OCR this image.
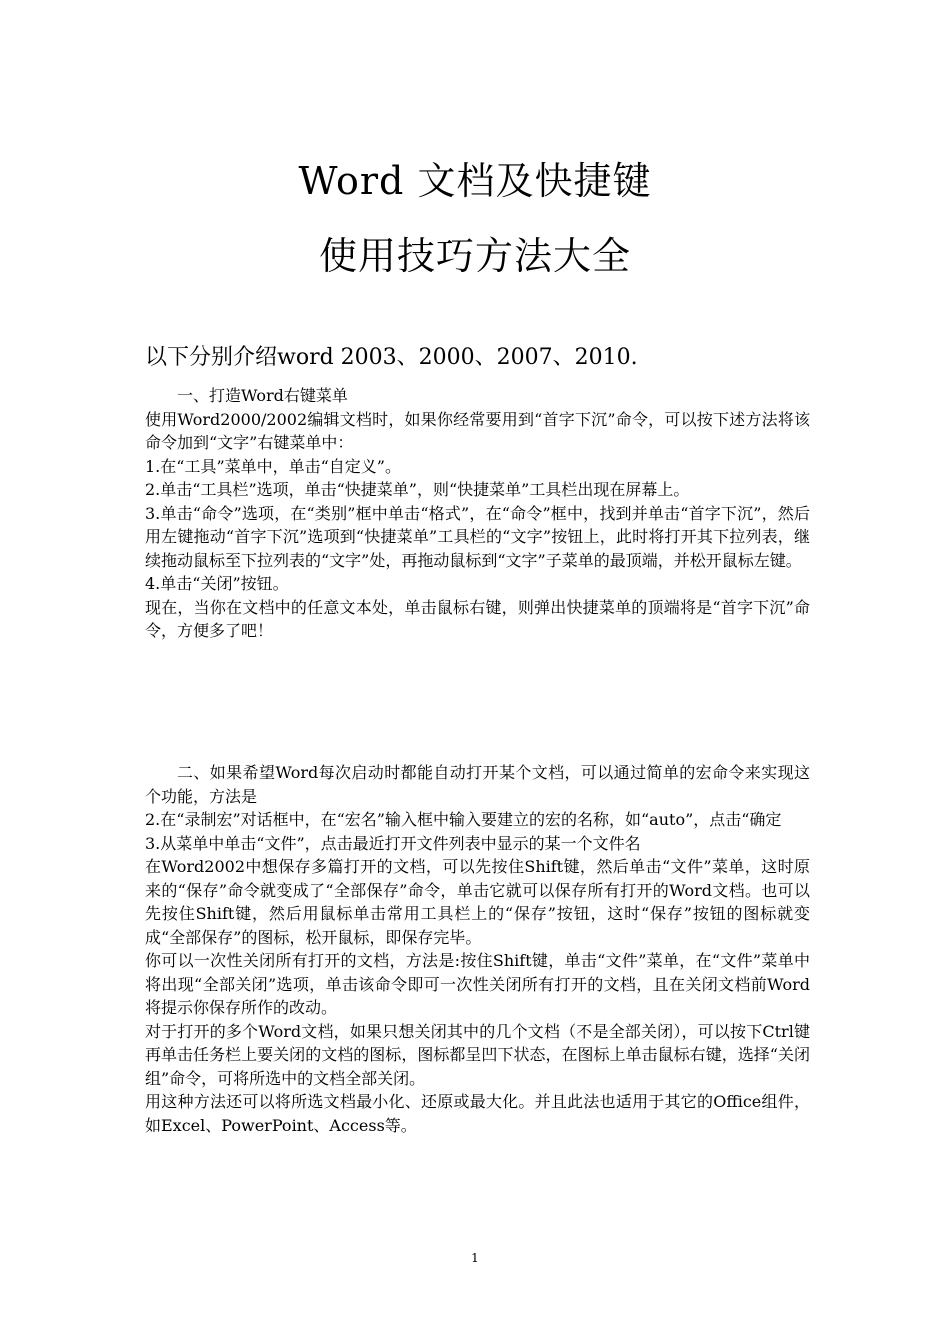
Word 文档及快捷键
使用技巧方法大全
以下分别介绍word 2003、2000、2007、2010.

一、打造Word右键菜单

使用Word2000/2002编辑文档时，如果你经常要用到“首字下沉”命令，可以按下述方法将该命令加到“文字”右键菜单中：

1.在“工具”菜单中，单击“自定义”。

2.单击“工具栏”选项，单击“快捷菜单”，则“快捷菜单”工具栏出现在屏幕上。

3.单击“命令”选项，在“类别”框中单击“格式”，在“命令”框中，找到并单击“首字下沉”，然后用左键拖动“首字下沉”选项到“快捷菜单”工具栏的“文字”按钮上，此时将打开其下拉列表，继续拖动鼠标至下拉列表的“文字”处，再拖动鼠标到“文字”子菜单的最顶端，并松开鼠标左键。

4.单击“关闭”按钮。

现在，当你在文档中的任意文本处，单击鼠标右键，则弹出快捷菜单的顶端将是“首字下沉”命令，方便多了吧！

二、如果希望Word每次启动时都能自动打开某个文档，可以通过简单的宏命令来实现这个功能，方法是

2.在“录制宏”对话框中，在“宏名”输入框中输入要建立的宏的名称，如“auto”，点击“确定

3.从菜单中单击“文件”，点击最近打开文件列表中显示的某一个文件名

在Word2002中想保存多篇打开的文档，可以先按住Shift键，然后单击“文件”菜单，这时原来的“保存”命令就变成了“全部保存”命令，单击它就可以保存所有打开的Word文档。也可以先按住Shift键，然后用鼠标单击常用工具栏上的“保存”按钮，这时“保存”按钮的图标就变成“全部保存”的图标，松开鼠标，即保存完毕。

你可以一次性关闭所有打开的文档，方法是:按住Shift键，单击“文件”菜单，在“文件”菜单中将出现“全部关闭”选项，单击该命令即可一次性关闭所有打开的文档，且在关闭文档前Word将提示你保存所作的改动。

对于打开的多个Word文档，如果只想关闭其中的几个文档（不是全部关闭），可以按下Ctrl键再单击任务栏上要关闭的文档的图标，图标都呈凹下状态，在图标上单击鼠标右键，选择“关闭组”命令，可将所选中的文档全部关闭。

用这种方法还可以将所选文档最小化、还原或最大化。并且此法也适用于其它的Office组件，如Excel、PowerPoint、Access等。

1
